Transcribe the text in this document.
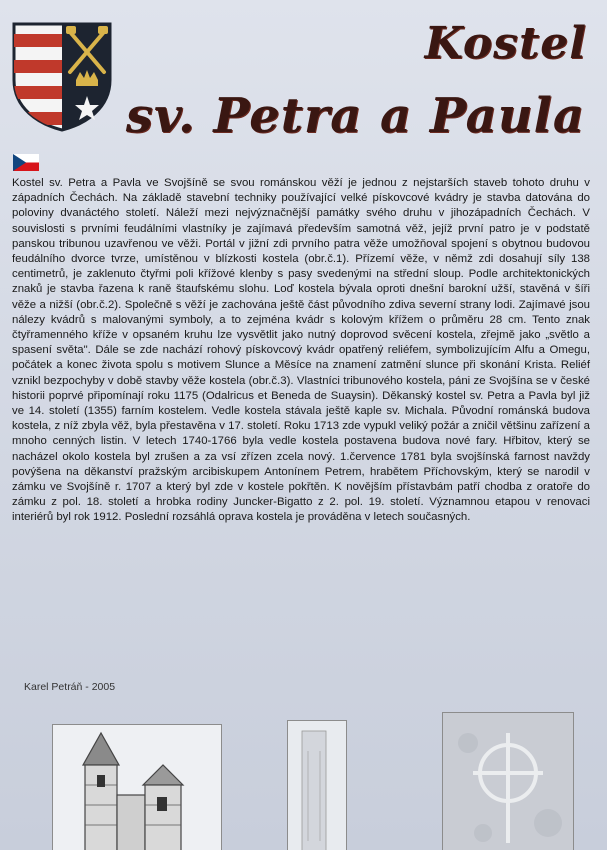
Kostel
sv. Petra a Paula

Kostel sv. Petra a Pavla ve Svojšíně se svou románskou věží je jednou z nejstarších staveb tohoto druhu v západních Čechách. Na základě stavební techniky používající velké pískovcové kvádry je stavba datována do poloviny dvanáctého století. Náleží mezi nejvýznačnější památky svého druhu v jihozápadních Čechách. V souvislosti s prvními feudálními vlastníky je zajímavá především samotná věž, jejíž první patro je v podstatě panskou tribunou uzavřenou ve věži. Portál v jižní zdi prvního patra věže umožňoval spojení s obytnou budovou feudálního dvorce tvrze, umístěnou v blízkosti kostela (obr.č.1). Přízemí věže, v němž zdi dosahují síly 138 centimetrů, je zaklenuto čtyřmi poli křížové klenby s pasy svedenými na střední sloup. Podle architektonických znaků je stavba řazena k raně štaufskému slohu. Loď kostela bývala oproti dnešní barokní užší, stavěná v šíři věže a nižší (obr.č.2). Společně s věží je zachována ještě část původního zdiva severní strany lodi. Zajímavé jsou nálezy kvádrů s malovanými symboly, a to zejména kvádr s kolovým křížem o průměru 28 cm. Tento znak čtyřramenného kříže v opsaném kruhu lze vysvětlit jako nutný doprovod svěcení kostela, zřejmě jako „světlo a spasení světa". Dále se zde nachází rohový pískovcový kvádr opatřený reliéfem, symbolizujícím Alfu a Omegu, počátek a konec života spolu s motivem Slunce a Měsíce na znamení zatmění slunce při skonání Krista. Reliéf vznikl bezpochyby v době stavby věže kostela (obr.č.3). Vlastníci tribunového kostela, páni ze Svojšína se v české historii poprvé připomínají roku 1175 (Odalricus et Beneda de Suaysin). Děkanský kostel sv. Petra a Pavla byl již ve 14. století (1355) farním kostelem. Vedle kostela stávala ještě kaple sv. Michala. Původní románská budova kostela, z níž zbyla věž, byla přestavěna v 17. století. Roku 1713 zde vypukl veliký požár a zničil většinu zařízení a mnoho cenných listin. V letech 1740-1766 byla vedle kostela postavena budova nové fary. Hřbitov, který se nacházel okolo kostela byl zrušen a za vsí zřízen zcela nový. 1.července 1781 byla svojšínská farnost navždy povýšena na děkanství pražským arcibiskupem Antonínem Petrem, hrabětem Příchovským, který se narodil v zámku ve Svojšíně r. 1707 a který byl zde v kostele pokřtěn. K novějším přístavbám patří chodba z oratoře do zámku z pol. 18. století a hrobka rodiny Juncker-Bigatto z 2. pol. 19. století. Významnou etapou v renovaci interiérů byl rok 1912. Poslední rozsáhlá oprava kostela je prováděna v letech současných.

Karel Petráň - 2005
